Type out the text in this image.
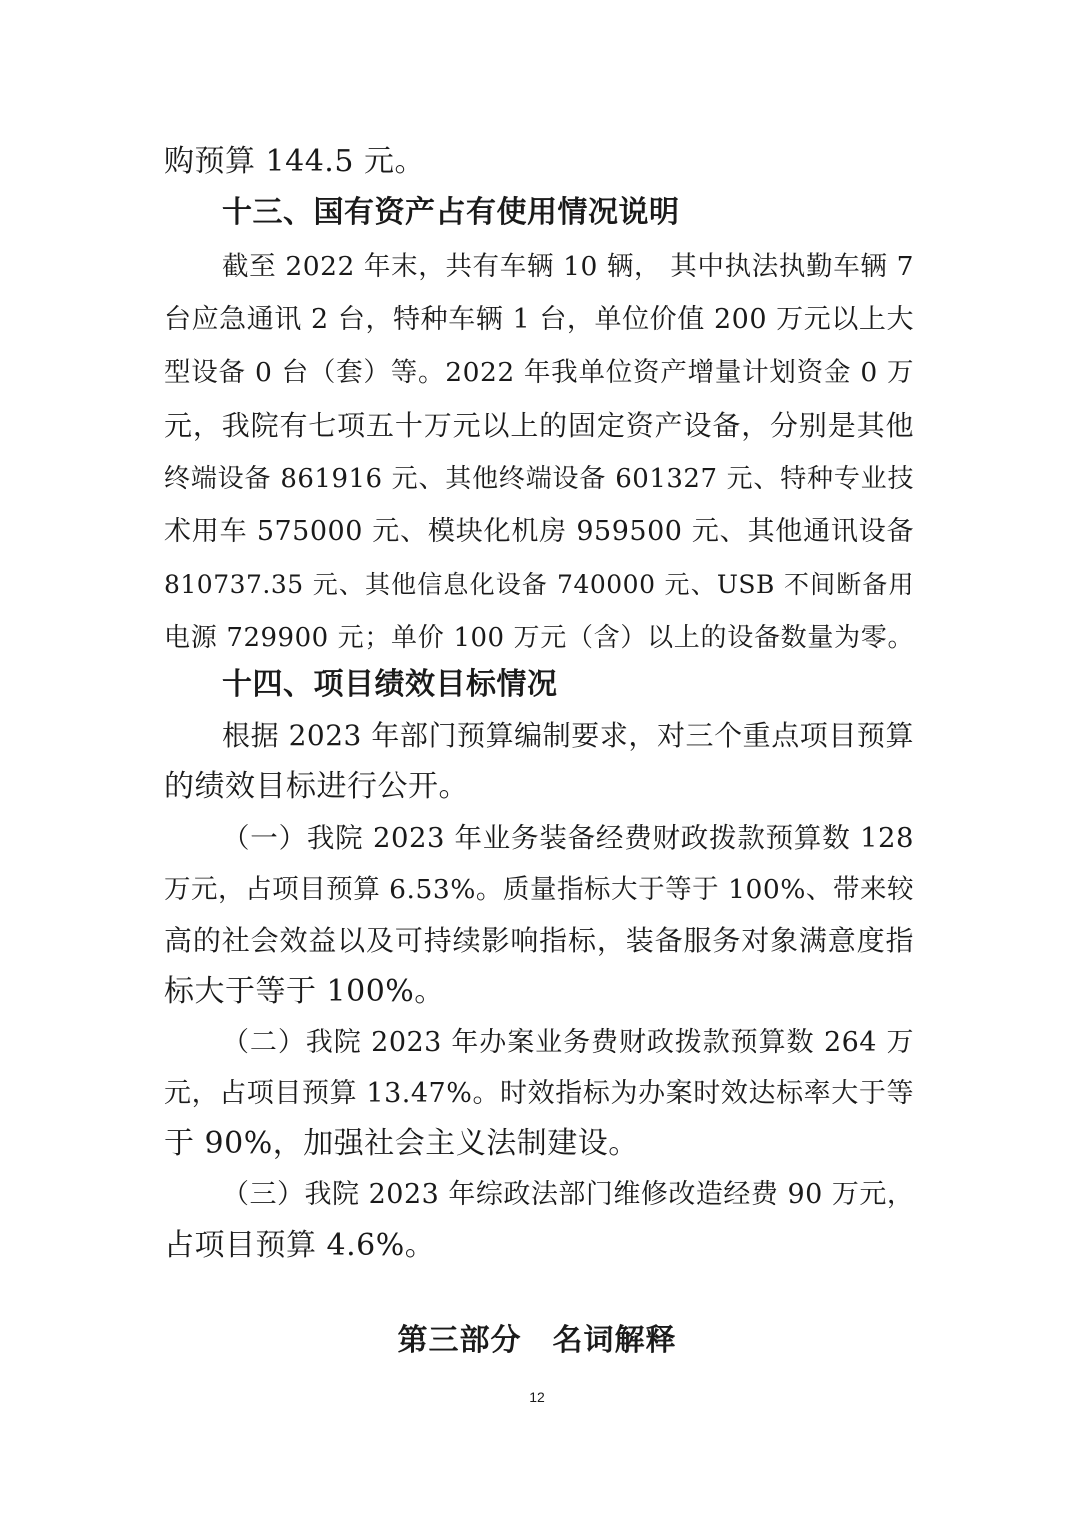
购预算 144.5 元。
十三、国有资产占有使用情况说明
截至 2022 年末，共有车辆 10 辆， 其中执法执勤车辆 7
台应急通讯 2 台，特种车辆 1 台，单位价值 200 万元以上大
型设备 0 台（套）等。2022 年我单位资产增量计划资金 0 万
元，我院有七项五十万元以上的固定资产设备，分别是其他
终端设备 861916 元、其他终端设备 601327 元、特种专业技
术用车 575000 元、模块化机房 959500 元、其他通讯设备
810737.35 元、其他信息化设备 740000 元、USB 不间断备用
电源 729900 元；单价 100 万元（含）以上的设备数量为零。
十四、项目绩效目标情况
根据 2023 年部门预算编制要求，对三个重点项目预算
的绩效目标进行公开。
（一）我院 2023 年业务装备经费财政拨款预算数 128
万元，占项目预算 6.53%。质量指标大于等于 100%、带来较
高的社会效益以及可持续影响指标，装备服务对象满意度指
标大于等于 100%。
（二）我院 2023 年办案业务费财政拨款预算数 264 万
元，占项目预算 13.47%。时效指标为办案时效达标率大于等
于 90%，加强社会主义法制建设。
（三）我院 2023 年综政法部门维修改造经费 90 万元，
占项目预算 4.6%。
第三部分　名词解释
12
